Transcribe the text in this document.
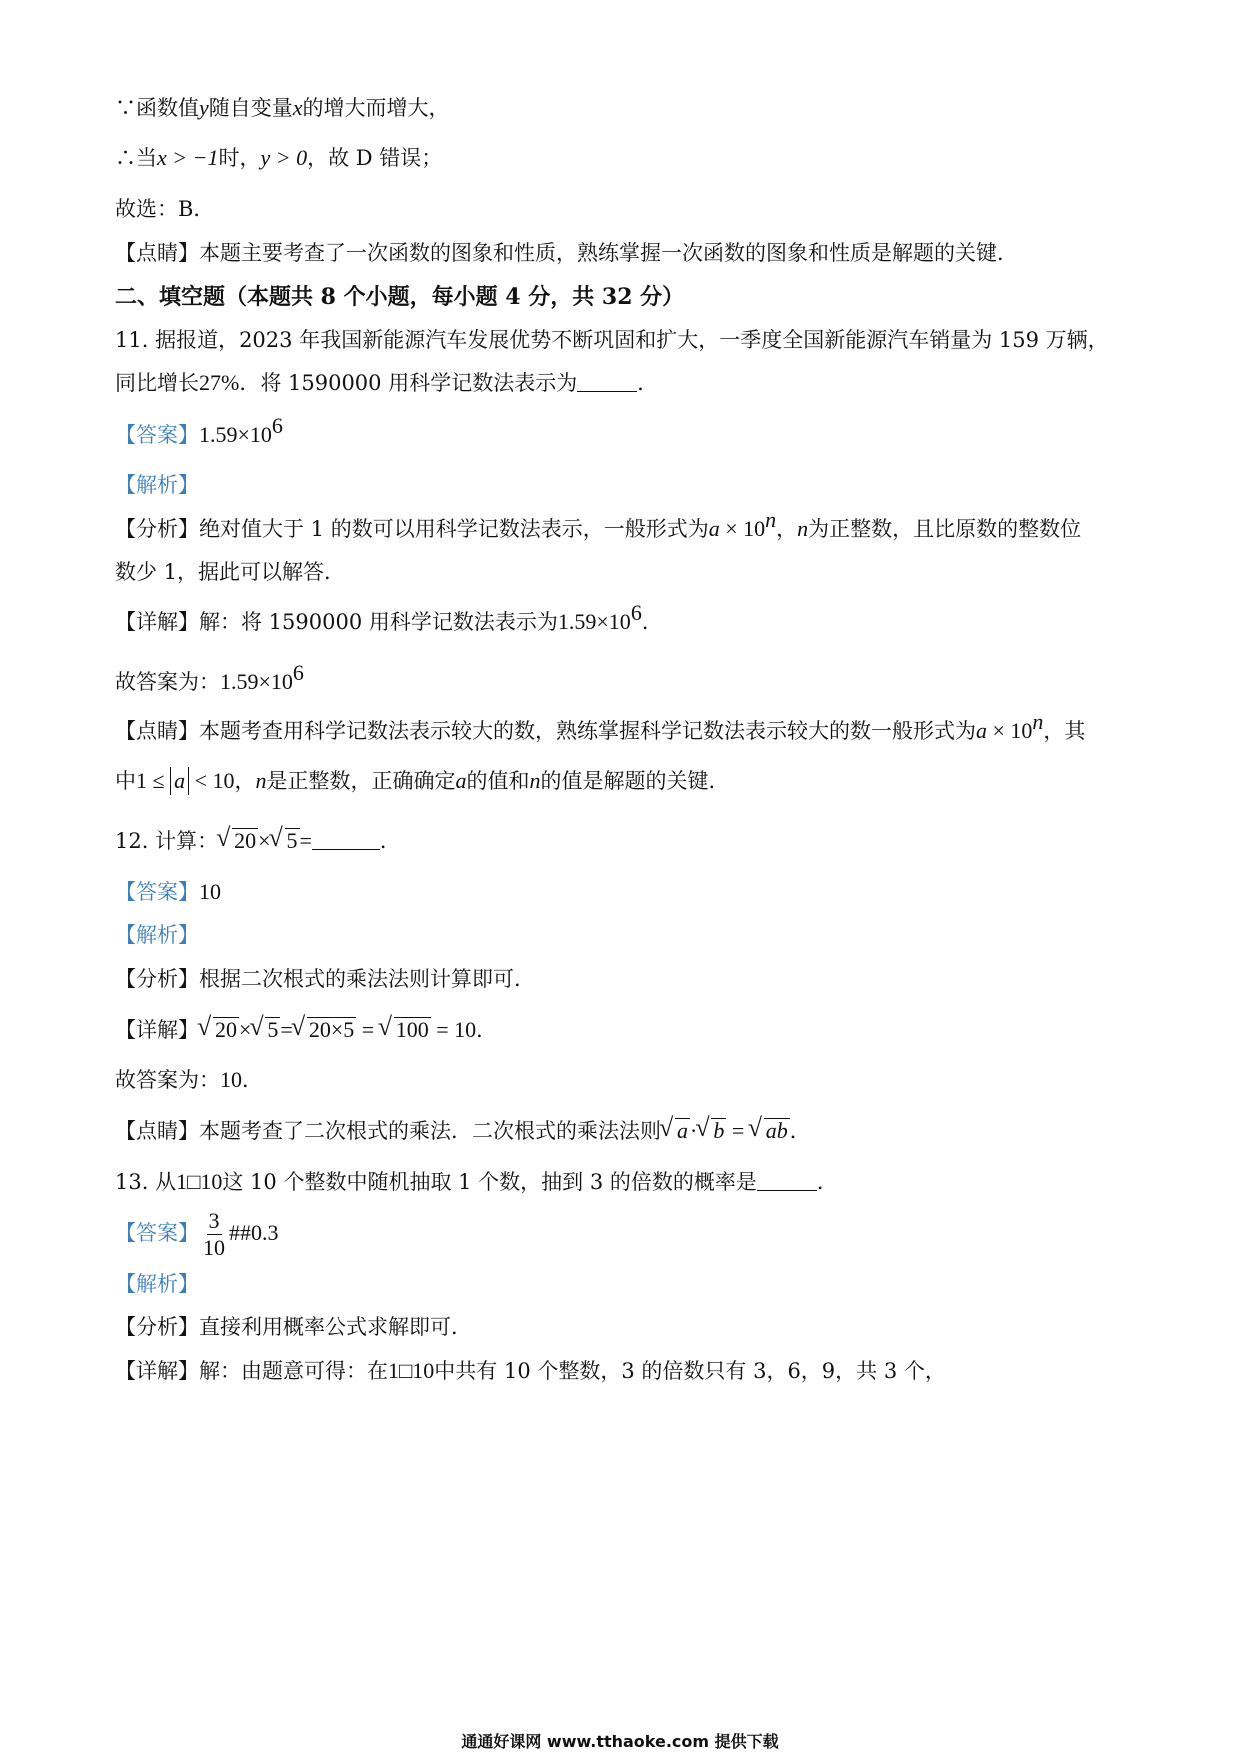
∵函数值y随自变量x的增大而增大，
∴当x > −1时，y > 0，故 D 错误；
故选：B．
【点睛】本题主要考查了一次函数的图象和性质，熟练掌握一次函数的图象和性质是解题的关键．
二、填空题（本题共 8 个小题，每小题 4 分，共 32 分）
11. 据报道，2023 年我国新能源汽车发展优势不断巩固和扩大，一季度全国新能源汽车销量为 159 万辆，
同比增长27%．将 1590000 用科学记数法表示为	．
【答案】$1.59\times 10^6$
【解析】
【分析】绝对值大于 1 的数可以用科学记数法表示，一般形式为$a \times 10^n$，n为正整数，且比原数的整数位
数少 1，据此可以解答．
【详解】解：将 1590000 用科学记数法表示为$1.59\times 10^6$．
故答案为：$1.59\times 10^6$
【点睛】本题考查用科学记数法表示较大的数，熟练掌握科学记数法表示较大的数一般形式为$a \times 10^n$，其
中1 ≤ a < 10，n是正整数，正确确定a的值和n的值是解题的关键．
12. 计算： √ 20× √ 5=	．
【答案】10
【解析】
【分析】根据二次根式的乘法法则计算即可．
【详解】 √ 20× √ 5= √ 20×5 = √ 100 = 10．
故答案为：10．
【点睛】本题考查了二次根式的乘法．二次根式的乘法法则 √ a· √ b = √ ab．
13. 从1□10这 10 个整数中随机抽取 1 个数，抽到 3 的倍数的概率是	．
【答案】 $\frac{3}{10}$ ##0.3
【解析】
【分析】直接利用概率公式求解即可．
【详解】解：由题意可得：在1□10中共有 10 个整数，3 的倍数只有 3，6，9，共 3 个，
通通好课网 www.tthaoke.com 提供下载
